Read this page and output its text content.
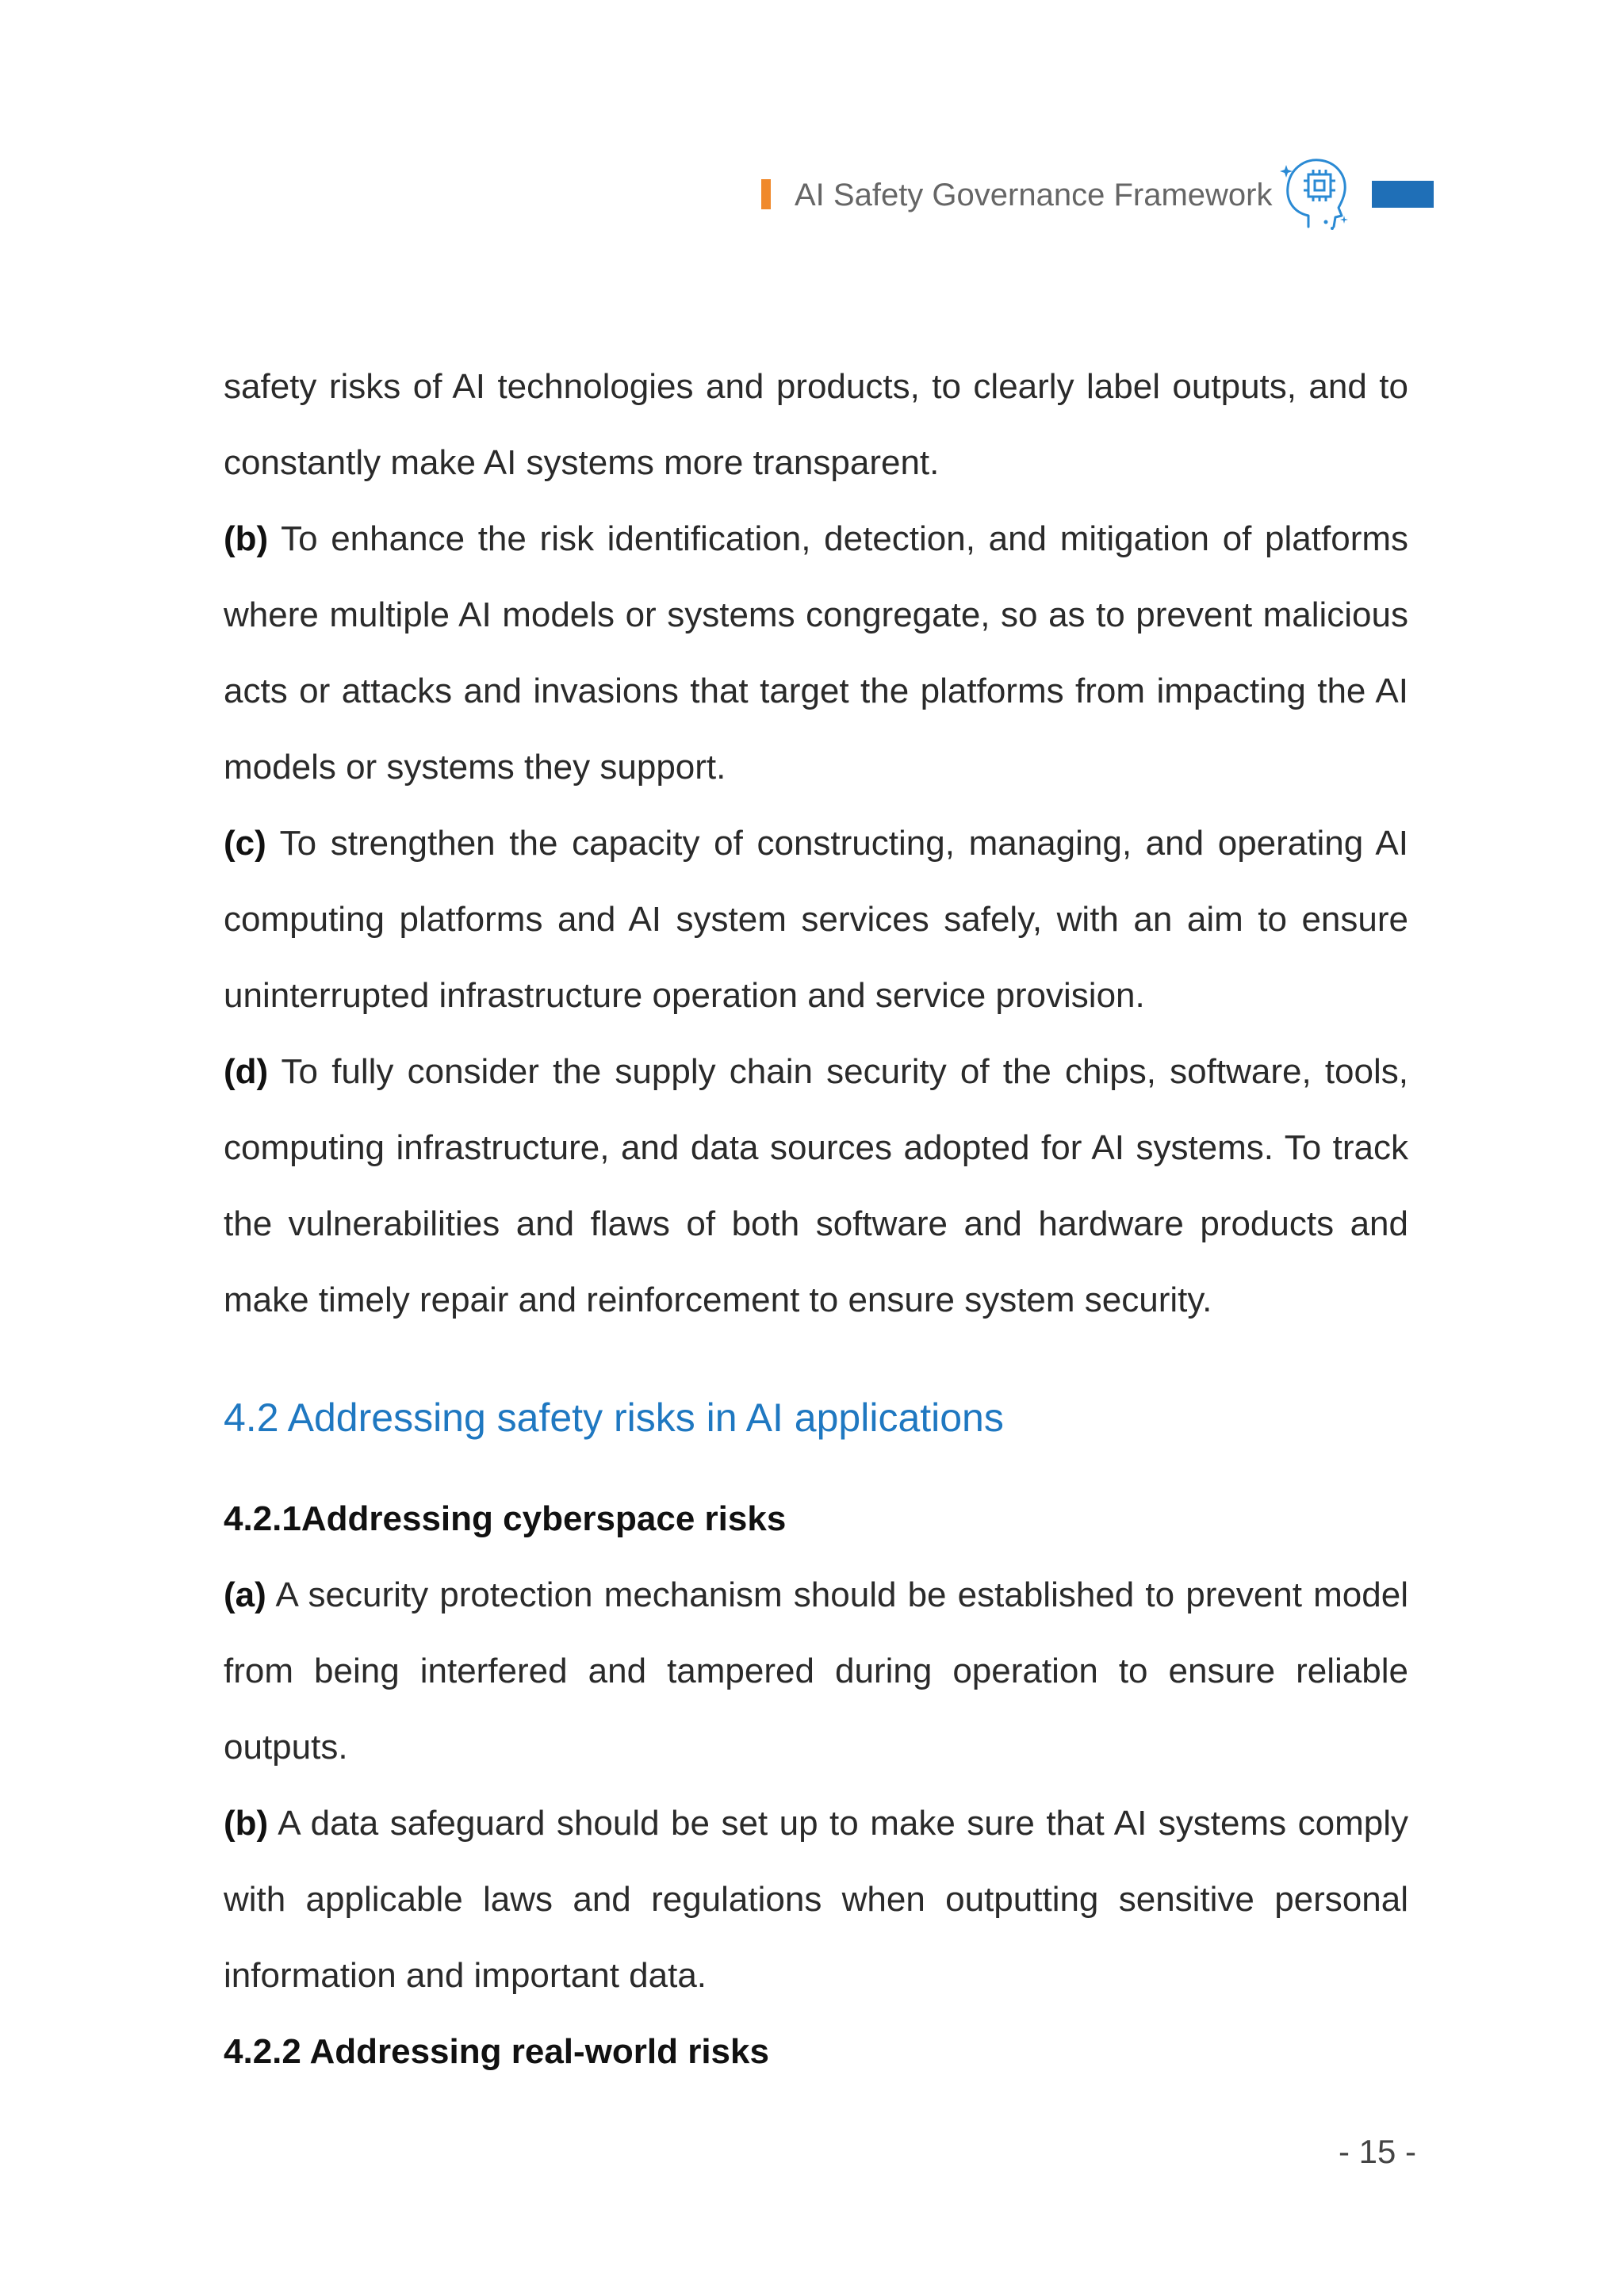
AI Safety Governance Framework

safety risks of AI technologies and products, to clearly label outputs, and to constantly make AI systems more transparent.

(b) To enhance the risk identification, detection, and mitigation of platforms where multiple AI models or systems congregate, so as to prevent malicious acts or attacks and invasions that target the platforms from impacting the AI models or systems they support.

(c) To strengthen the capacity of constructing, managing, and operating AI computing platforms and AI system services safely, with an aim to ensure uninterrupted infrastructure operation and service provision.

(d) To fully consider the supply chain security of the chips, software, tools, computing infrastructure, and data sources adopted for AI systems. To track the vulnerabilities and flaws of both software and hardware products and make timely repair and reinforcement to ensure system security.

4.2 Addressing safety risks in AI applications
4.2.1Addressing cyberspace risks

(a) A security protection mechanism should be established to prevent model from being interfered and tampered during operation to ensure reliable outputs.

(b) A data safeguard should be set up to make sure that AI systems comply with applicable laws and regulations when outputting sensitive personal information and important data.

4.2.2 Addressing real-world risks
- 15 -
